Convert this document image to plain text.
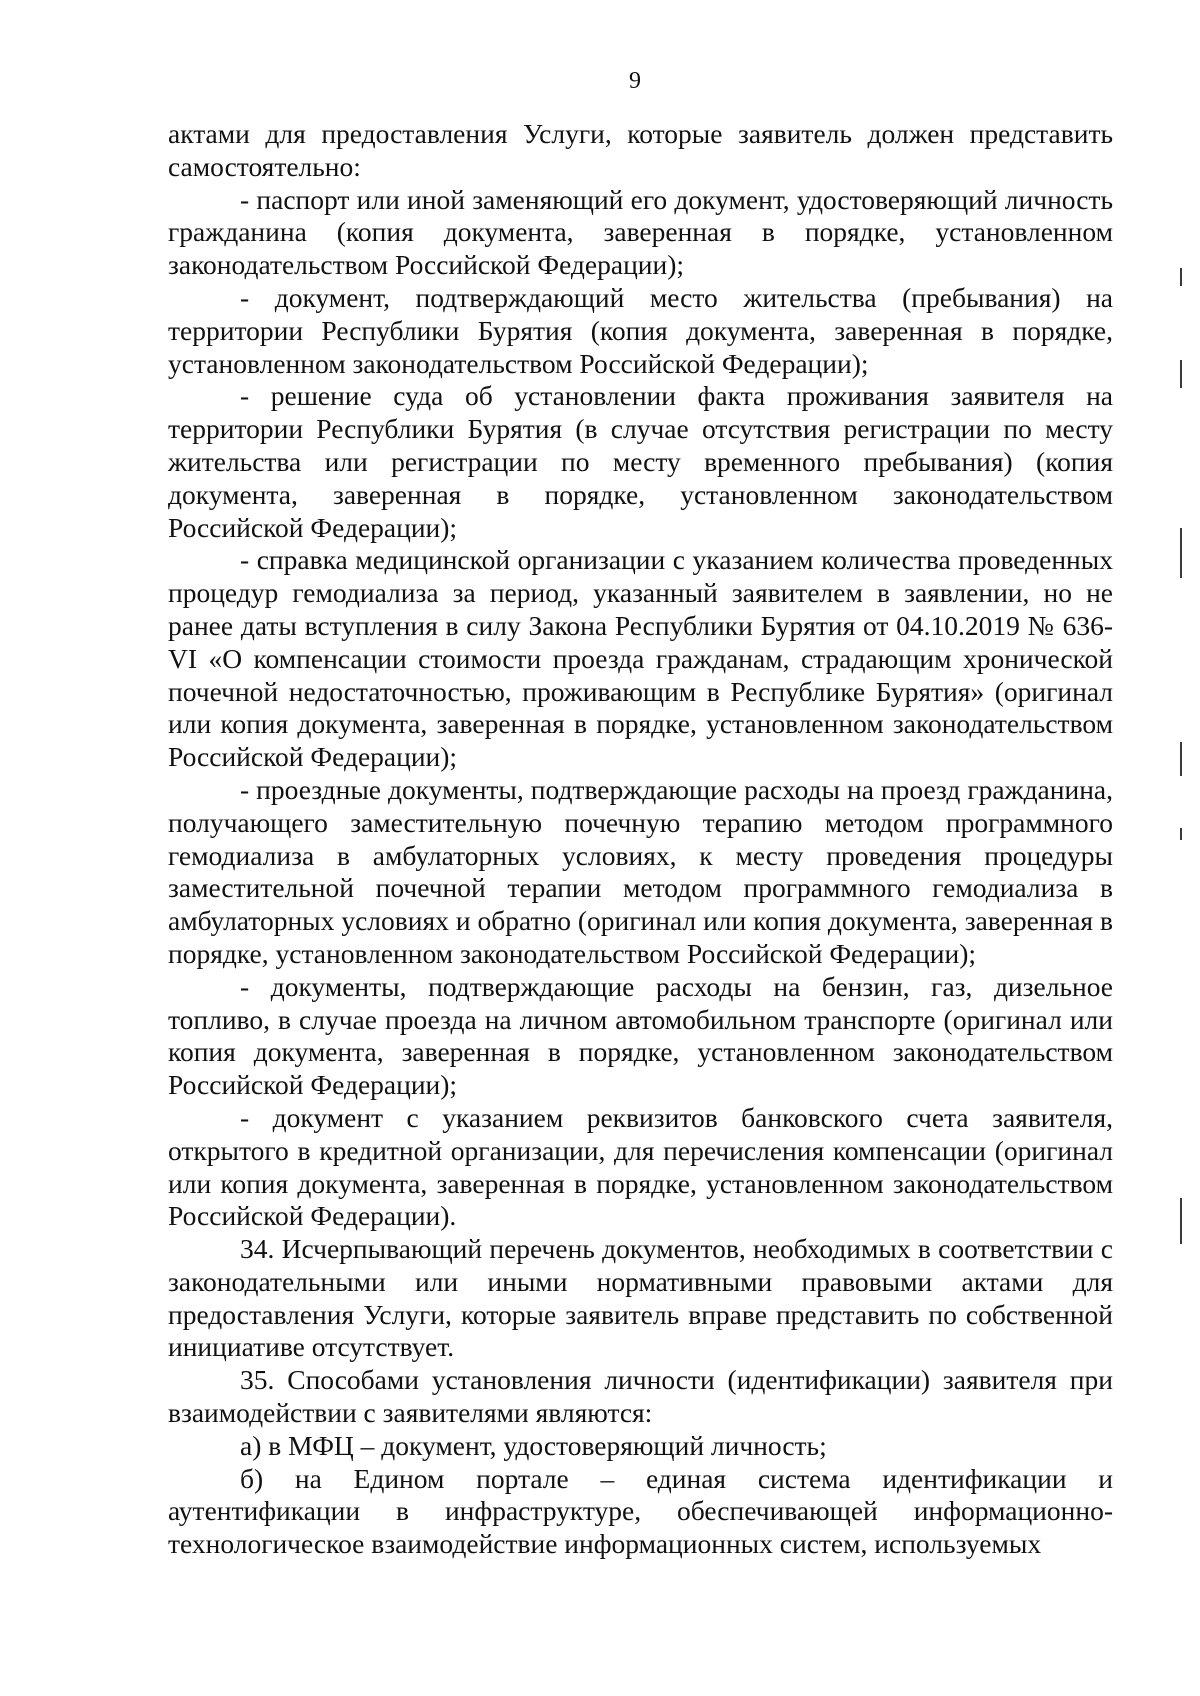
9

актами для предоставления Услуги, которые заявитель должен представить самостоятельно:

- паспорт или иной заменяющий его документ, удостоверяющий личность гражданина (копия документа, заверенная в порядке, установленном законодательством Российской Федерации);

- документ, подтверждающий место жительства (пребывания) на территории Республики Бурятия (копия документа, заверенная в порядке, установленном законодательством Российской Федерации);

- решение суда об установлении факта проживания заявителя на территории Республики Бурятия (в случае отсутствия регистрации по месту жительства или регистрации по месту временного пребывания) (копия документа, заверенная в порядке, установленном законодательством Российской Федерации);

- справка медицинской организации с указанием количества проведенных процедур гемодиализа за период, указанный заявителем в заявлении, но не ранее даты вступления в силу Закона Республики Бурятия от 04.10.2019 № 636-VI «О компенсации стоимости проезда гражданам, страдающим хронической почечной недостаточностью, проживающим в Республике Бурятия» (оригинал или копия документа, заверенная в порядке, установленном законодательством Российской Федерации);

- проездные документы, подтверждающие расходы на проезд гражданина, получающего заместительную почечную терапию методом программного гемодиализа в амбулаторных условиях, к месту проведения процедуры заместительной почечной терапии методом программного гемодиализа в амбулаторных условиях и обратно (оригинал или копия документа, заверенная в порядке, установленном законодательством Российской Федерации);

- документы, подтверждающие расходы на бензин, газ, дизельное топливо, в случае проезда на личном автомобильном транспорте (оригинал или копия документа, заверенная в порядке, установленном законодательством Российской Федерации);

- документ с указанием реквизитов банковского счета заявителя, открытого в кредитной организации, для перечисления компенсации (оригинал или копия документа, заверенная в порядке, установленном законодательством Российской Федерации).

34. Исчерпывающий перечень документов, необходимых в соответствии с законодательными или иными нормативными правовыми актами для предоставления Услуги, которые заявитель вправе представить по собственной инициативе отсутствует.

35. Способами установления личности (идентификации) заявителя при взаимодействии с заявителями являются:

а) в МФЦ – документ, удостоверяющий личность;

б) на Едином портале – единая система идентификации и аутентификации в инфраструктуре, обеспечивающей информационно-технологическое взаимодействие информационных систем, используемых
